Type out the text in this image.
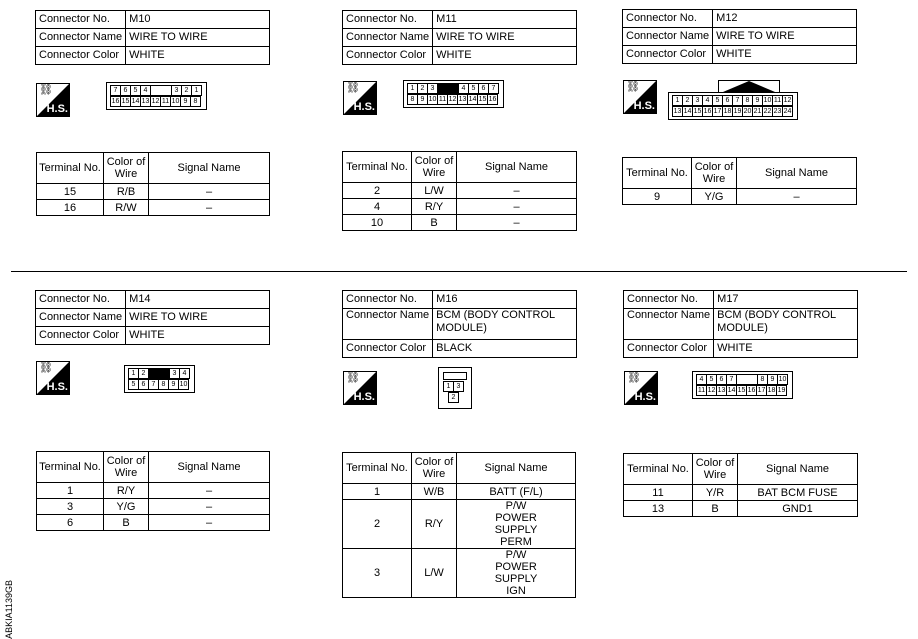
Connector No.	M10
Connector Name	WIRE TO WIRE
Connector Color	WHITE
⛓
H.S.
7 6 5 4	3 2 1
16 15 14 13 12 11 10 9 8
Terminal No.	Color of Wire	Signal Name
15	R/B	–
16	R/W	–
Connector No.	M11
Connector Name	WIRE TO WIRE
Connector Color	WHITE
⛓
H.S.
1 2 3	4 5 6 7
8 9 10 11 12 13 14 15 16
Terminal No.	Color of Wire	Signal Name
2	L/W	–
4	R/Y	–
10	B	–
Connector No.	M12
Connector Name	WIRE TO WIRE
Connector Color	WHITE
⛓
H.S.	1 2 3 4 5 6 7 8 9 10 11 12
13 14 15 16 17 18 19 20 21 22 23 24
Terminal No.	Color of Wire	Signal Name
9	Y/G	–
Connector No.	M14
Connector Name	WIRE TO WIRE
Connector Color	WHITE
⛓
H.S.
1 2	3 4
5 6 7 8 9 10
Terminal No.	Color of Wire	Signal Name
1	R/Y	–
3	Y/G	–
6	B	–
Connector No.	M16
Connector Name	BCM (BODY CONTROL MODULE)
Connector Color	BLACK
⛓
H.S.
1 3
2
Terminal No.	Color of Wire	Signal Name
1	W/B	BATT (F/L)
2	R/Y	P/W POWER SUPPLY PERM
3	L/W	P/W POWER SUPPLY IGN
Connector No.	M17
Connector Name	BCM (BODY CONTROL MODULE)
Connector Color	WHITE
⛓
H.S.
4 5 6 7	8 9 10
11 12 13 14 15 16 17 18 19
Terminal No.	Color of Wire	Signal Name
11	Y/R	BAT BCM FUSE
13	B	GND1
ABKIA1139GB
